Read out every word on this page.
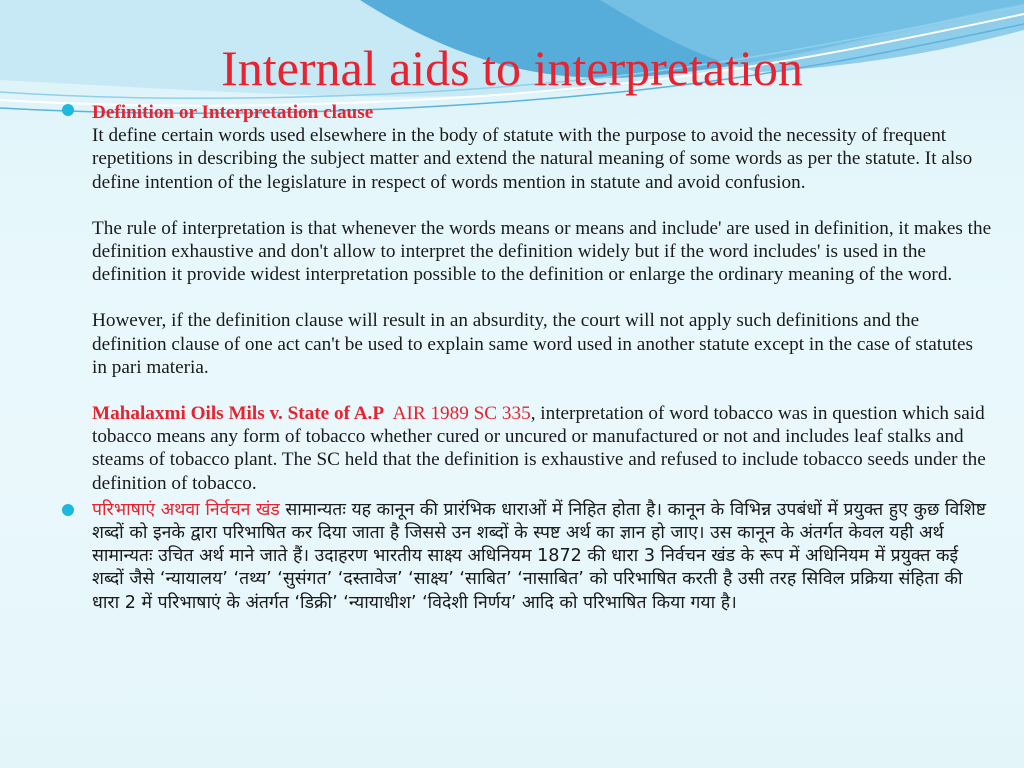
Internal aids to interpretation

Definition or Interpretation clause

It define certain words used elsewhere in the body of statute with the purpose to avoid the necessity of frequent repetitions in describing the subject matter and extend the natural meaning of some words as per the statute. It also define intention of the legislature in respect of words mention in statute and avoid confusion.

The rule of interpretation is that whenever the words means or means and include' are used in definition, it makes the definition exhaustive and don't allow to interpret the definition widely but if the word includes' is used in the definition it provide widest interpretation possible to the definition or enlarge the ordinary meaning of the word.

However, if the definition clause will result in an absurdity, the court will not apply such definitions and the definition clause of one act can't be used to explain same word used in another statute except in the case of statutes in pari materia.

Mahalaxmi Oils Mils v. State of A.P AIR 1989 SC 335, interpretation of word tobacco was in question which said tobacco means any form of tobacco whether cured or uncured or manufactured or not and includes leaf stalks and steams of tobacco plant. The SC held that the definition is exhaustive and refused to include tobacco seeds under the definition of tobacco.

परिभाषाएं अथवा निर्वचन खंड सामान्यतः यह कानून की प्रारंभिक धाराओं में निहित होता है। कानून के विभिन्न उपबंधों में प्रयुक्त हुए कुछ विशिष्ट शब्दों को इनके द्वारा परिभाषित कर दिया जाता है जिससे उन शब्दों के स्पष्ट अर्थ का ज्ञान हो जाए। उस कानून के अंतर्गत केवल यही अर्थ सामान्यतः उचित अर्थ माने जाते हैं। उदाहरण भारतीय साक्ष्य अधिनियम 1872 की धारा 3 निर्वचन खंड के रूप में अधिनियम में प्रयुक्त कई शब्दों जैसे ‘न्यायालय’ ‘तथ्य’ ‘सुसंगत’ ‘दस्तावेज’ ‘साक्ष्य’ ‘साबित’ ‘नासाबित’ को परिभाषित करती है उसी तरह सिविल प्रक्रिया संहिता की धारा 2 में परिभाषाएं के अंतर्गत ‘डिक्री’ ‘न्यायाधीश’ ‘विदेशी निर्णय’ आदि को परिभाषित किया गया है।
